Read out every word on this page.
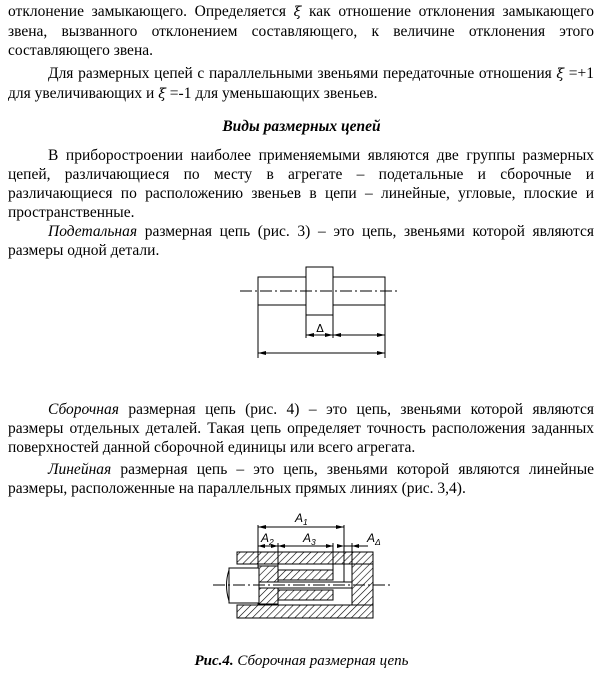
отклонение замыкающего. Определяется ξ как отношение отклонения замыкающего звена, вызванного отклонением составляющего, к величине отклонения этого составляющего звена.

Для размерных цепей с параллельными звеньями передаточные отношения ξ =+1 для увеличивающих и ξ =-1 для уменьшающих звеньев.

Виды размерных цепей

В приборостроении наиболее применяемыми являются две группы размерных цепей, различающиеся по месту в агрегате – подетальные и сборочные и различающиеся по расположению звеньев в цепи – линейные, угловые, плоские и пространственные.

Подетальная размерная цепь (рис. 3) – это цепь, звеньями которой являются размеры одной детали.

Δ

Сборочная размерная цепь (рис. 4) – это цепь, звеньями которой являются размеры отдельных деталей. Такая цепь определяет точность расположения заданных поверхностей данной сборочной единицы или всего агрегата.

Линейная размерная цепь – это цепь, звеньями которой являются линейные размеры, расположенные на параллельных прямых линиях (рис. 3,4).

$A_1$
$A_2$ $A_3$	$A_\Delta$

Рис.4. Сборочная размерная цепь
